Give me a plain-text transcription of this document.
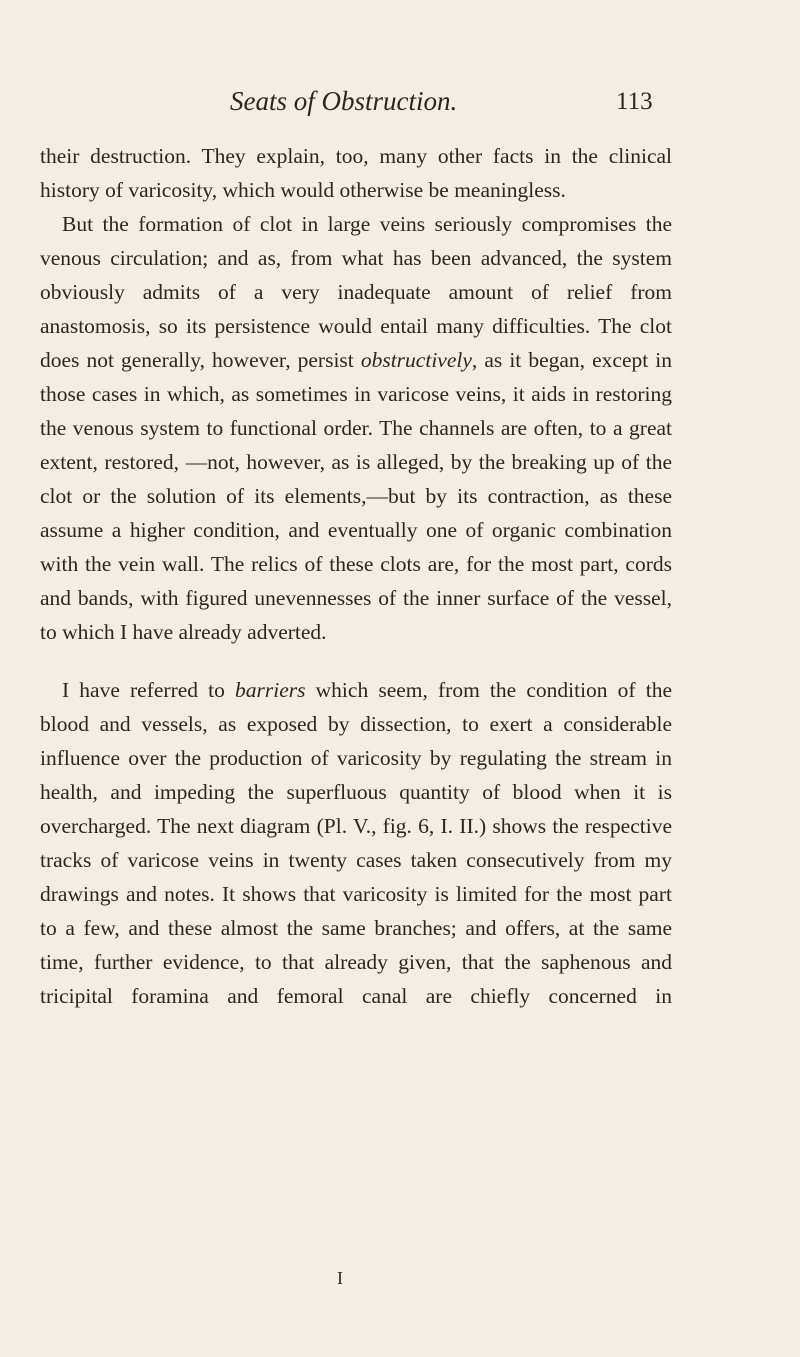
Seats of Obstruction.	113

their destruction. They explain, too, many other facts in the clinical history of varicosity, which would otherwise be meaningless.

But the formation of clot in large veins seriously compromises the venous circulation; and as, from what has been advanced, the system obviously admits of a very inadequate amount of relief from anastomosis, so its persistence would entail many difficulties. The clot does not generally, however, persist obstructively, as it began, except in those cases in which, as sometimes in varicose veins, it aids in restoring the venous system to functional order. The channels are often, to a great extent, restored, —not, however, as is alleged, by the breaking up of the clot or the solution of its elements,—but by its contraction, as these assume a higher condition, and eventually one of organic combination with the vein wall. The relics of these clots are, for the most part, cords and bands, with figured unevennesses of the inner surface of the vessel, to which I have already adverted.

I have referred to barriers which seem, from the condition of the blood and vessels, as exposed by dissection, to exert a considerable influence over the production of varicosity by regulating the stream in health, and impeding the superfluous quantity of blood when it is overcharged. The next diagram (Pl. V., fig. 6, I. II.) shows the respective tracks of varicose veins in twenty cases taken consecutively from my drawings and notes. It shows that varicosity is limited for the most part to a few, and these almost the same branches; and offers, at the same time, further evidence, to that already given, that the saphenous and tricipital foramina and femoral canal are chiefly concerned in

I
